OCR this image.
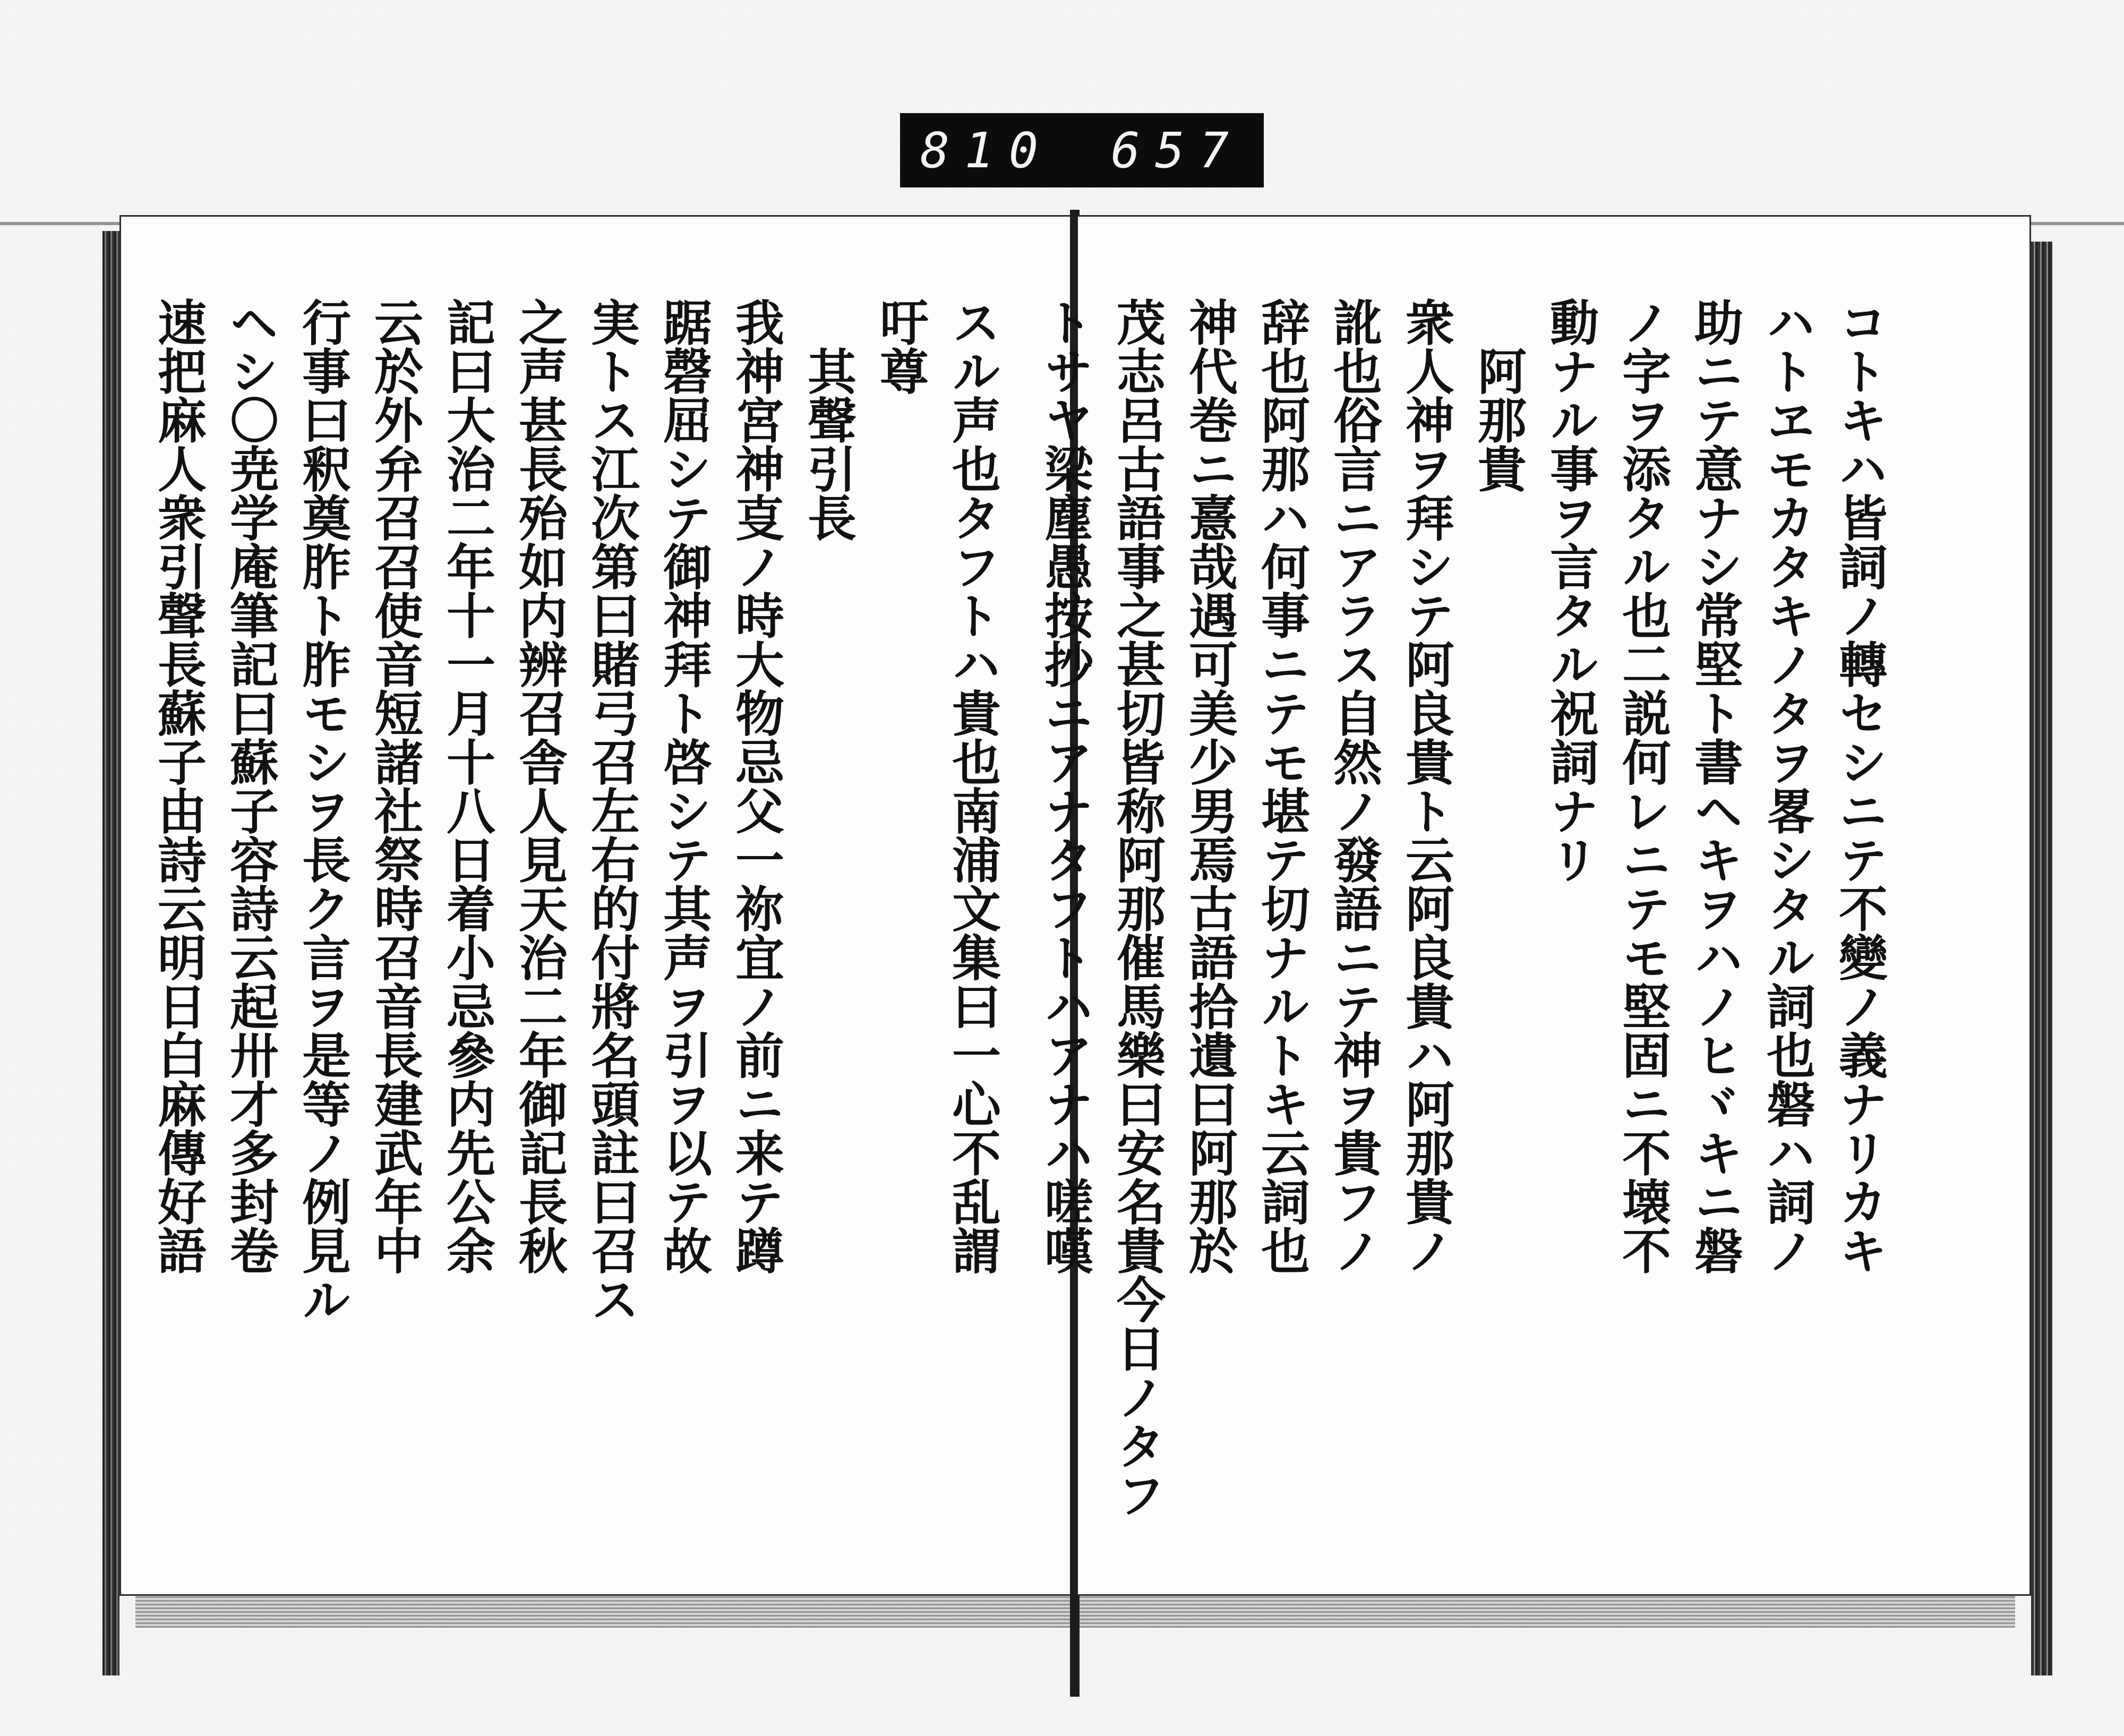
810 657
コトキハ皆詞ノ轉セシニテ不變ノ義ナリカキ
ハトヱモカタキノタヲ畧シタル詞也磐ハ詞ノ
助ニテ意ナシ常堅ト書ヘキヲハノヒヾキニ磐
ノ字ヲ添タル也二説何レニテモ堅固ニ不壊不
動ナル事ヲ言タル祝詞ナリ
阿那貴
衆人神ヲ拜シテ阿良貴ト云阿良貴ハ阿那貴ノ
訛也俗言ニアラス自然ノ發語ニテ神ヲ貴フノ
辞也阿那ハ何事ニテモ堪テ切ナルトキ云詞也
神代巻ニ憙哉遇可美少男焉古語拾遺曰阿那於
茂志呂古語事之甚切皆称阿那催馬樂曰安名貴今日ノタフ
トサヤ梁塵愚按抄ニアナタフトハアナハ嗟嘆
スル声也タフトハ貴也南浦文集曰一心不乱謂
吁尊
其聲引長
我神宮神㕝ノ時大物忌父一祢宜ノ前ニ来テ蹲
踞磬屈シテ御神拜ト啓シテ其声ヲ引ヲ以テ故
実トス江次第曰賭弓召左右的付將名頭註曰召ス
之声甚長殆如内辨召舎人見天治二年御記長秋
記曰大治二年十一月十八日着小忌參内先公余
云於外弁召召使音短諸社祭時召音長建武年中
行事曰釈奠胙ト胙モシヲ長ク言ヲ是等ノ例見ル
ヘシ〇尭学庵筆記曰蘇子容詩云起卅才多封卷
速把麻人衆引聲長蘇子由詩云明日白麻傳好語
